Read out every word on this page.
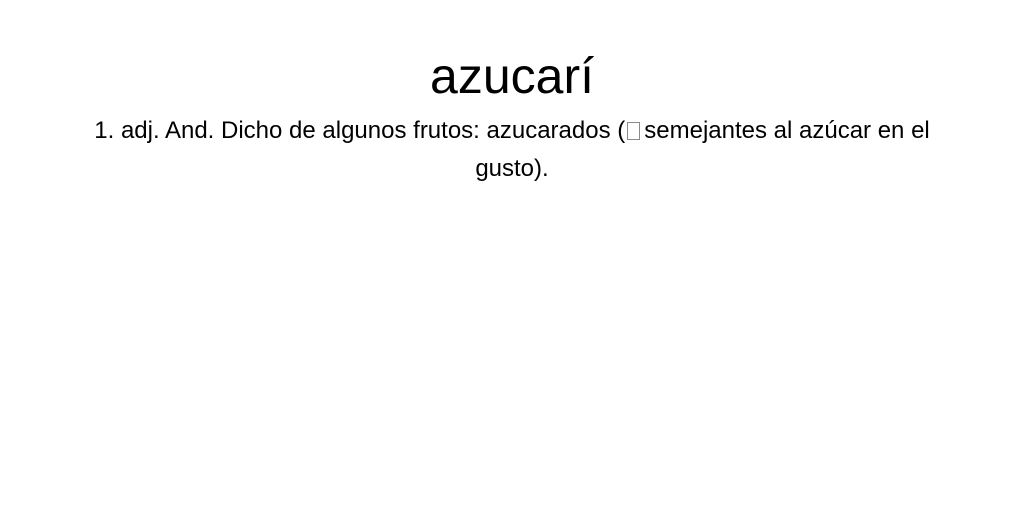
azucarí

1. adj. And. Dicho de algunos frutos: azucarados ( semejantes al azúcar en el gusto).
